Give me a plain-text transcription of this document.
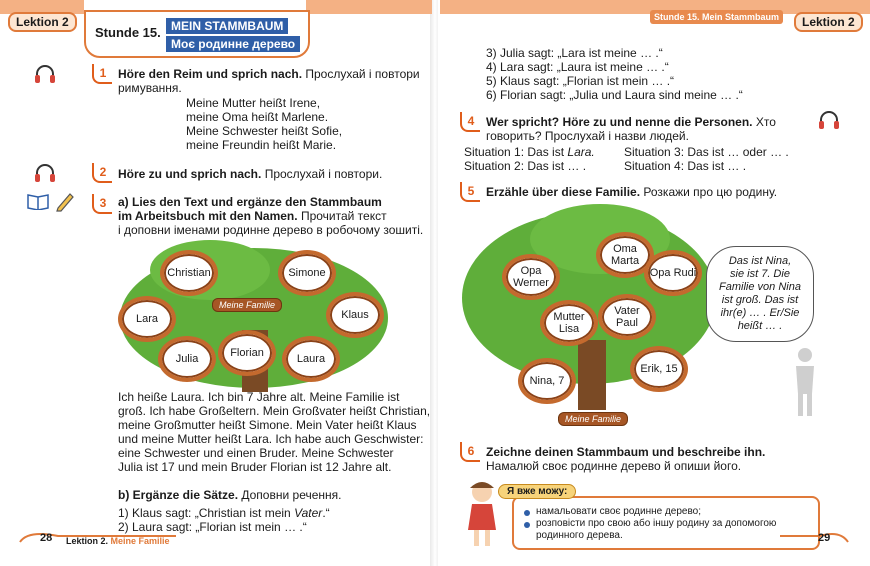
Lektion 2
Stunde 15. MEIN STAMMBAUM
Моє родинне дерево
Stunde 15. Mein Stammbaum	Lektion 2
1 Höre den Reim und sprich nach. Прослухай і повтори
римування.
Meine Mutter heißt Irene,
meine Oma heißt Marlene.
Meine Schwester heißt Sofie,
meine Freundin heißt Marie.
2 Höre zu und sprich nach. Прослухай і повтори.
3 a) Lies den Text und ergänze den Stammbaum
im Arbeitsbuch mit den Namen. Прочитай текст
і доповни іменами родинне дерево в робочому зошиті.
Christian	Simone
Lara	Klaus
Julia	Florian	Laura
Meine Familie
Ich heiße Laura. Ich bin 7 Jahre alt. Meine Familie ist
groß. Ich habe Großeltern. Mein Großvater heißt Christian,
meine Großmutter heißt Simone. Mein Vater heißt Klaus
und meine Mutter heißt Lara. Ich habe auch Geschwister:
eine Schwester und einen Bruder. Meine Schwester
Julia ist 17 und mein Bruder Florian ist 12 Jahre alt.
b) Ergänze die Sätze. Доповни речення.
1) Klaus sagt: „Christian ist mein Vater.“
2) Laura sagt: „Florian ist mein … .“
28 Lektion 2. Meine Familie
3) Julia sagt: „Lara ist meine … .“
4) Lara sagt: „Laura ist meine … .“
5) Klaus sagt: „Florian ist mein … .“
6) Florian sagt: „Julia und Laura sind meine … .“
4 Wer spricht? Höre zu und nenne die Personen. Хто
говорить? Прослухай і назви людей.
Situation 1: Das ist Lara.
Situation 2: Das ist … .
Situation 3: Das ist … oder … .
Situation 4: Das ist … .
5 Erzähle über diese Familie. Розкажи про цю родину.
Opa Werner
Oma Marta
Opa Rudi
Mutter Lisa
Vater Paul
Nina, 7
Erik, 15
Meine Familie
Das ist Nina,
sie ist 7. Die
Familie von Nina
ist groß. Das ist
ihr(e) … . Er/Sie
heißt … .
6 Zeichne deinen Stammbaum und beschreibe ihn.
Намалюй своє родинне дерево й опиши його.
Я вже можу:
намальовати своє родинне дерево;
розповісти про свою або іншу родину за допомогою
родинного дерева.	29
